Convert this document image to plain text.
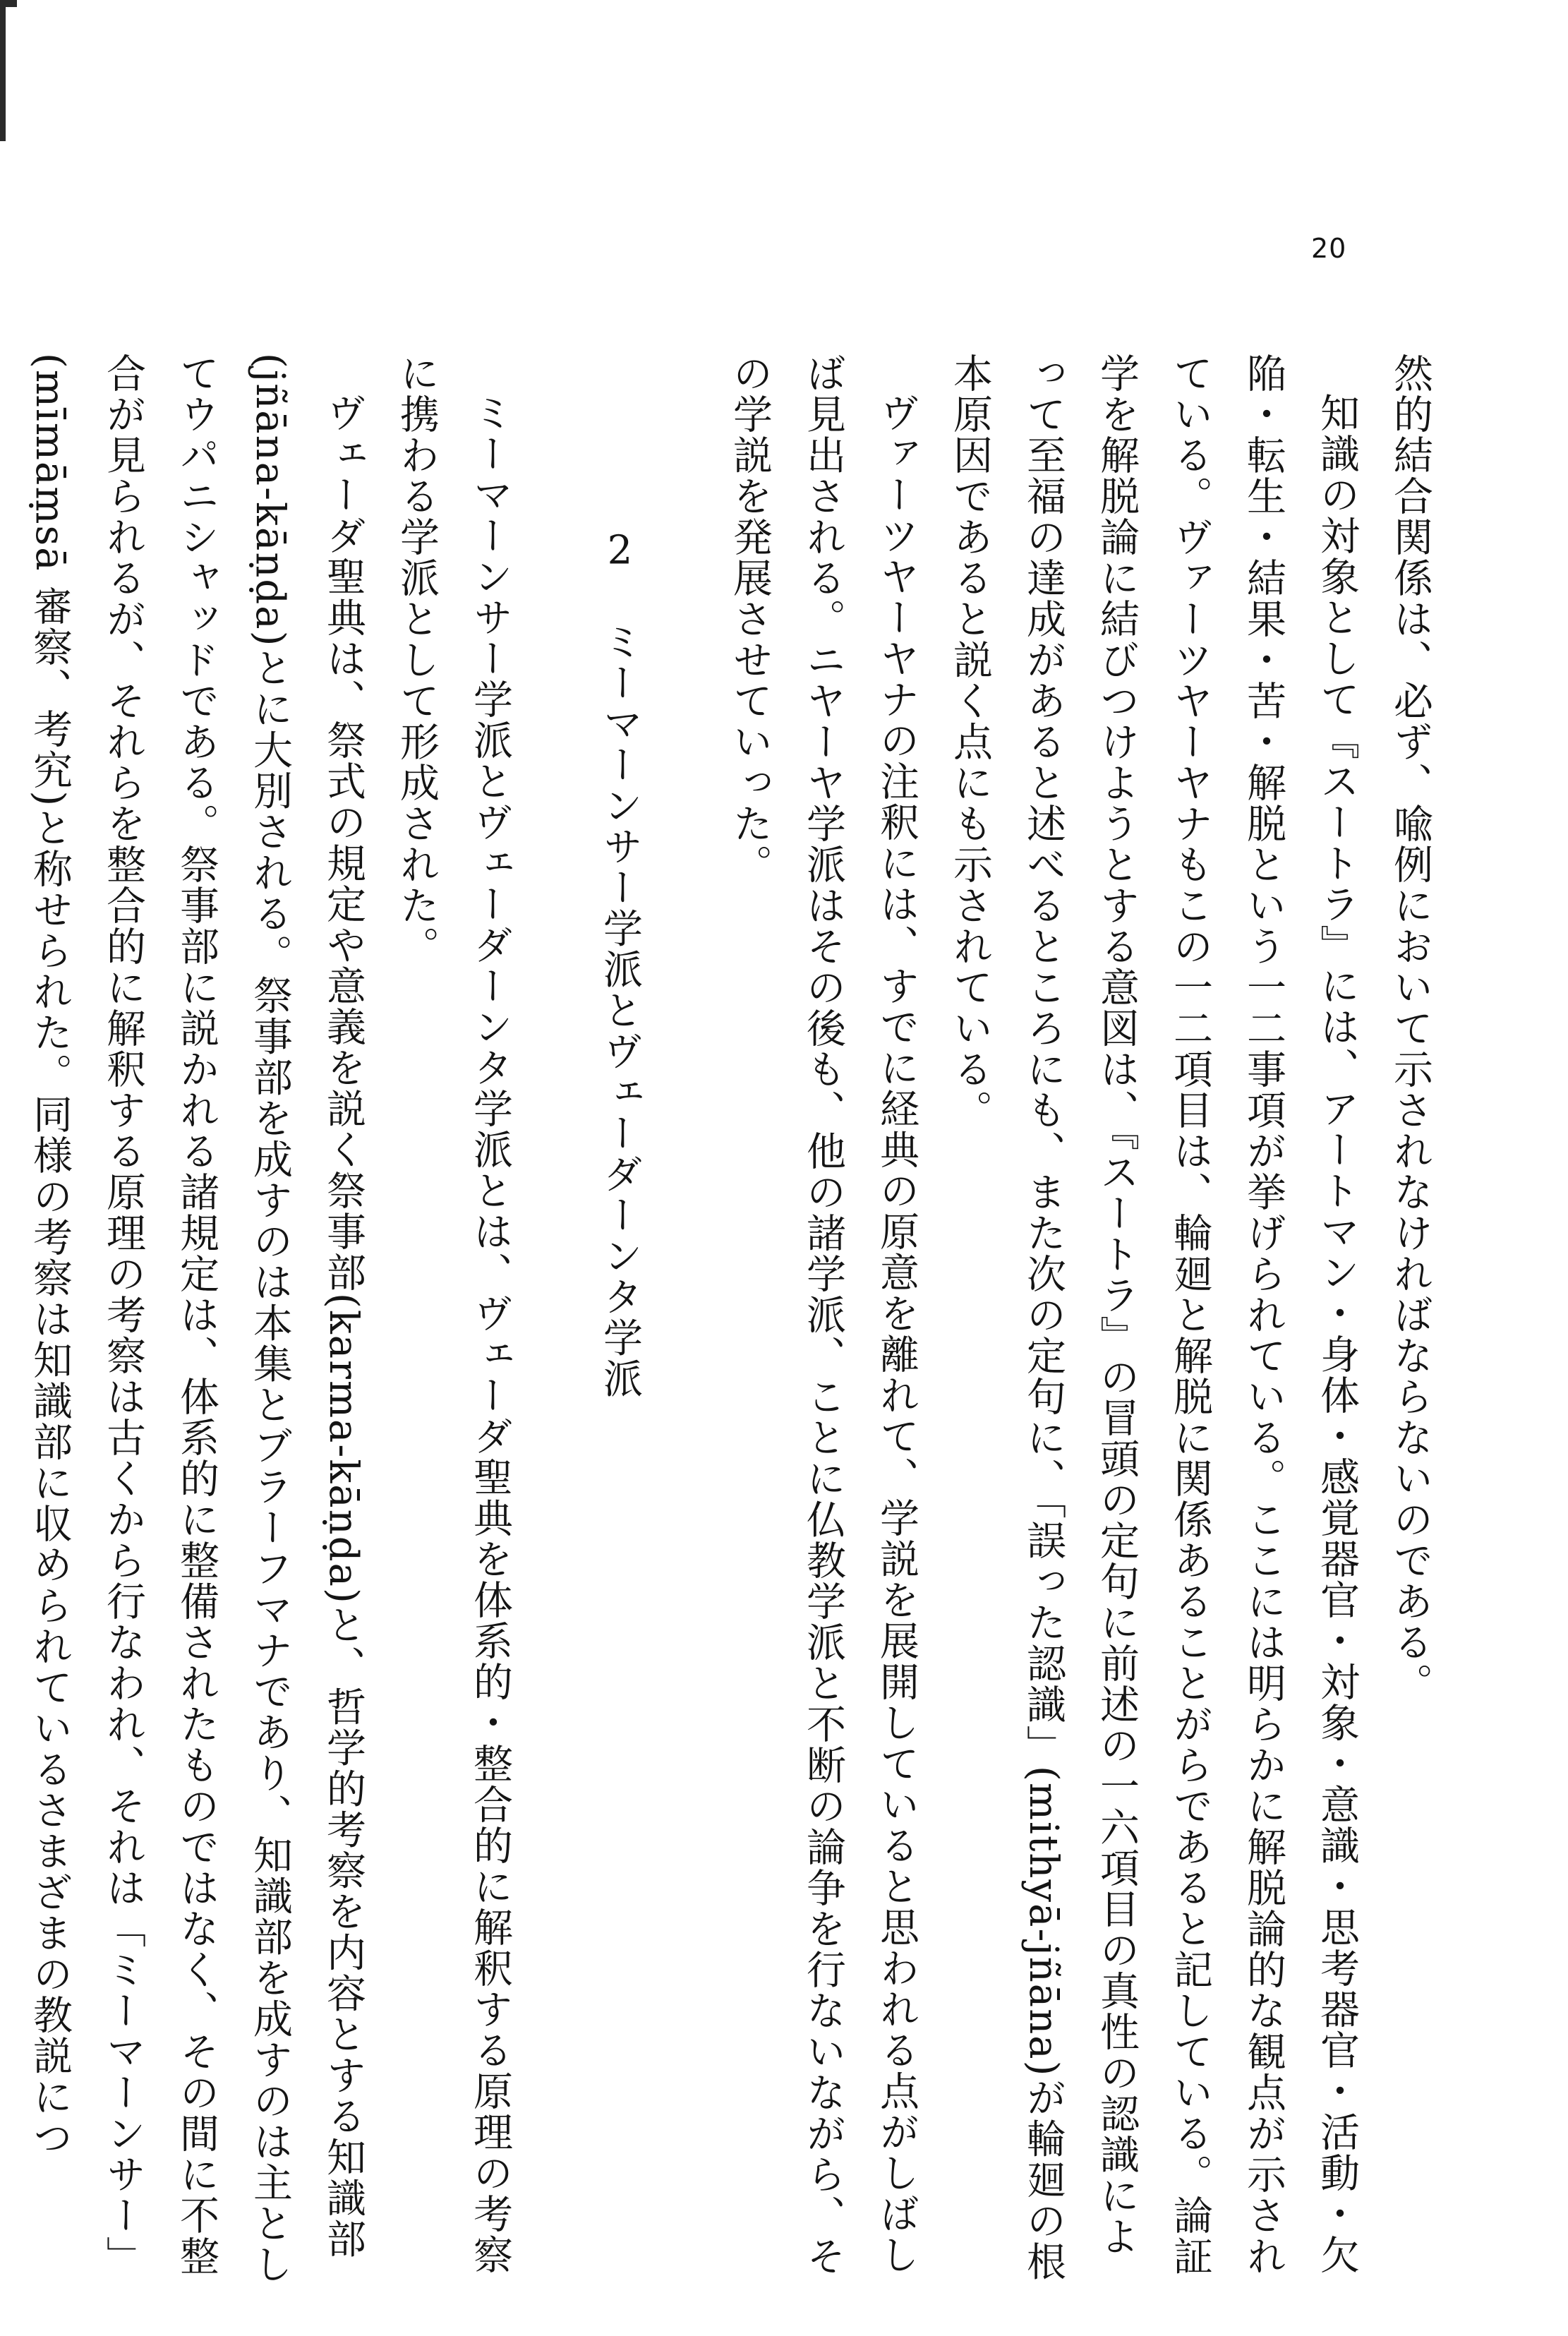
20

然的結合関係は、必ず、喩例において示されなければならないのである。

知識の対象として『スートラ』には、アートマン・身体・感覚器官・対象・意識・思考器官・活動・欠陥・転生・結果・苦・解脱という一二事項が挙げられている。ここには明らかに解脱論的な観点が示されている。ヴァーツヤーヤナもこの一二項目は、輪廻と解脱に関係あることがらであると記している。論証学を解脱論に結びつけようとする意図は、『スートラ』の冒頭の定句に前述の一六項目の真性の認識によって至福の達成があると述べるところにも、また次の定句に、「誤った認識」(mithyā-jñāna)が輪廻の根本原因であると説く点にも示されている。

ヴァーツヤーヤナの注釈には、すでに経典の原意を離れて、学説を展開していると思われる点がしばしば見出される。ニヤーヤ学派はその後も、他の諸学派、ことに仏教学派と不断の論争を行ないながら、その学説を発展させていった。

2ミーマーンサー学派とヴェーダーンタ学派

ミーマーンサー学派とヴェーダーンタ学派とは、ヴェーダ聖典を体系的・整合的に解釈する原理の考察に携わる学派として形成された。

ヴェーダ聖典は、祭式の規定や意義を説く祭事部(karma-kāṇḍa)と、哲学的考察を内容とする知識部(jñāna-kāṇḍa)とに大別される。祭事部を成すのは本集とブラーフマナであり、知識部を成すのは主としてウパニシャッドである。祭事部に説かれる諸規定は、体系的に整備されたものではなく、その間に不整合が見られるが、それらを整合的に解釈する原理の考察は古くから行なわれ、それは「ミーマーンサー」(mīmāṃsā 審察、考究)と称せられた。同様の考察は知識部に収められているさまざまの教説につ
